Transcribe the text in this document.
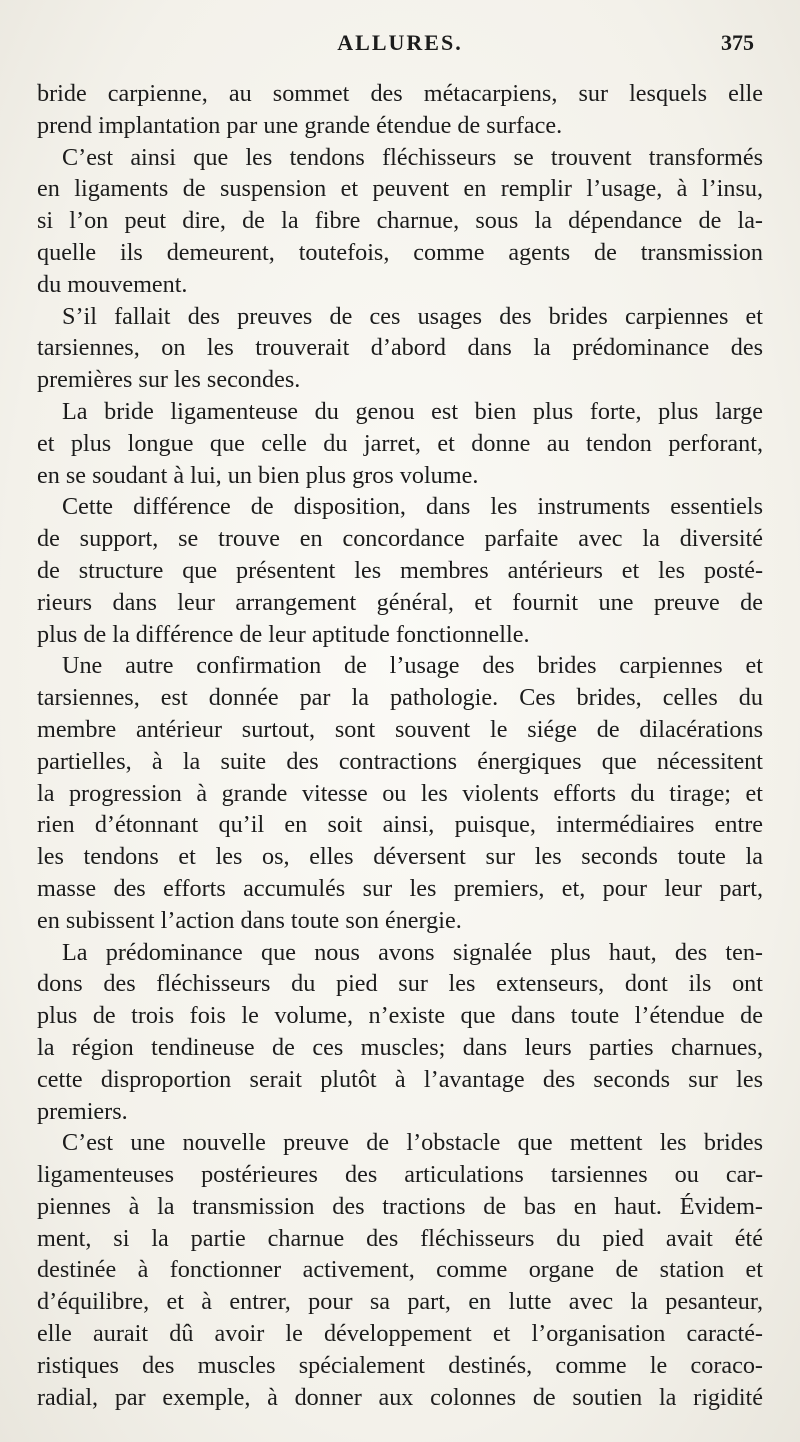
ALLURES.	375
bride carpienne, au sommet des métacarpiens, sur lesquels elle
prend implantation par une grande étendue de surface.
C’est ainsi que les tendons fléchisseurs se trouvent transformés
en ligaments de suspension et peuvent en remplir l’usage, à l’insu,
si l’on peut dire, de la fibre charnue, sous la dépendance de la-
quelle ils demeurent, toutefois, comme agents de transmission
du mouvement.
S’il fallait des preuves de ces usages des brides carpiennes et
tarsiennes, on les trouverait d’abord dans la prédominance des
premières sur les secondes.
La bride ligamenteuse du genou est bien plus forte, plus large
et plus longue que celle du jarret, et donne au tendon perforant,
en se soudant à lui, un bien plus gros volume.
Cette différence de disposition, dans les instruments essentiels
de support, se trouve en concordance parfaite avec la diversité
de structure que présentent les membres antérieurs et les posté-
rieurs dans leur arrangement général, et fournit une preuve de
plus de la différence de leur aptitude fonctionnelle.
Une autre confirmation de l’usage des brides carpiennes et
tarsiennes, est donnée par la pathologie. Ces brides, celles du
membre antérieur surtout, sont souvent le siége de dilacérations
partielles, à la suite des contractions énergiques que nécessitent
la progression à grande vitesse ou les violents efforts du tirage; et
rien d’étonnant qu’il en soit ainsi, puisque, intermédiaires entre
les tendons et les os, elles déversent sur les seconds toute la
masse des efforts accumulés sur les premiers, et, pour leur part,
en subissent l’action dans toute son énergie.
La prédominance que nous avons signalée plus haut, des ten-
dons des fléchisseurs du pied sur les extenseurs, dont ils ont
plus de trois fois le volume, n’existe que dans toute l’étendue de
la région tendineuse de ces muscles; dans leurs parties charnues,
cette disproportion serait plutôt à l’avantage des seconds sur les
premiers.
C’est une nouvelle preuve de l’obstacle que mettent les brides
ligamenteuses postérieures des articulations tarsiennes ou car-
piennes à la transmission des tractions de bas en haut. Évidem-
ment, si la partie charnue des fléchisseurs du pied avait été
destinée à fonctionner activement, comme organe de station et
d’équilibre, et à entrer, pour sa part, en lutte avec la pesanteur,
elle aurait dû avoir le développement et l’organisation caracté-
ristiques des muscles spécialement destinés, comme le coraco-
radial, par exemple, à donner aux colonnes de soutien la rigidité
